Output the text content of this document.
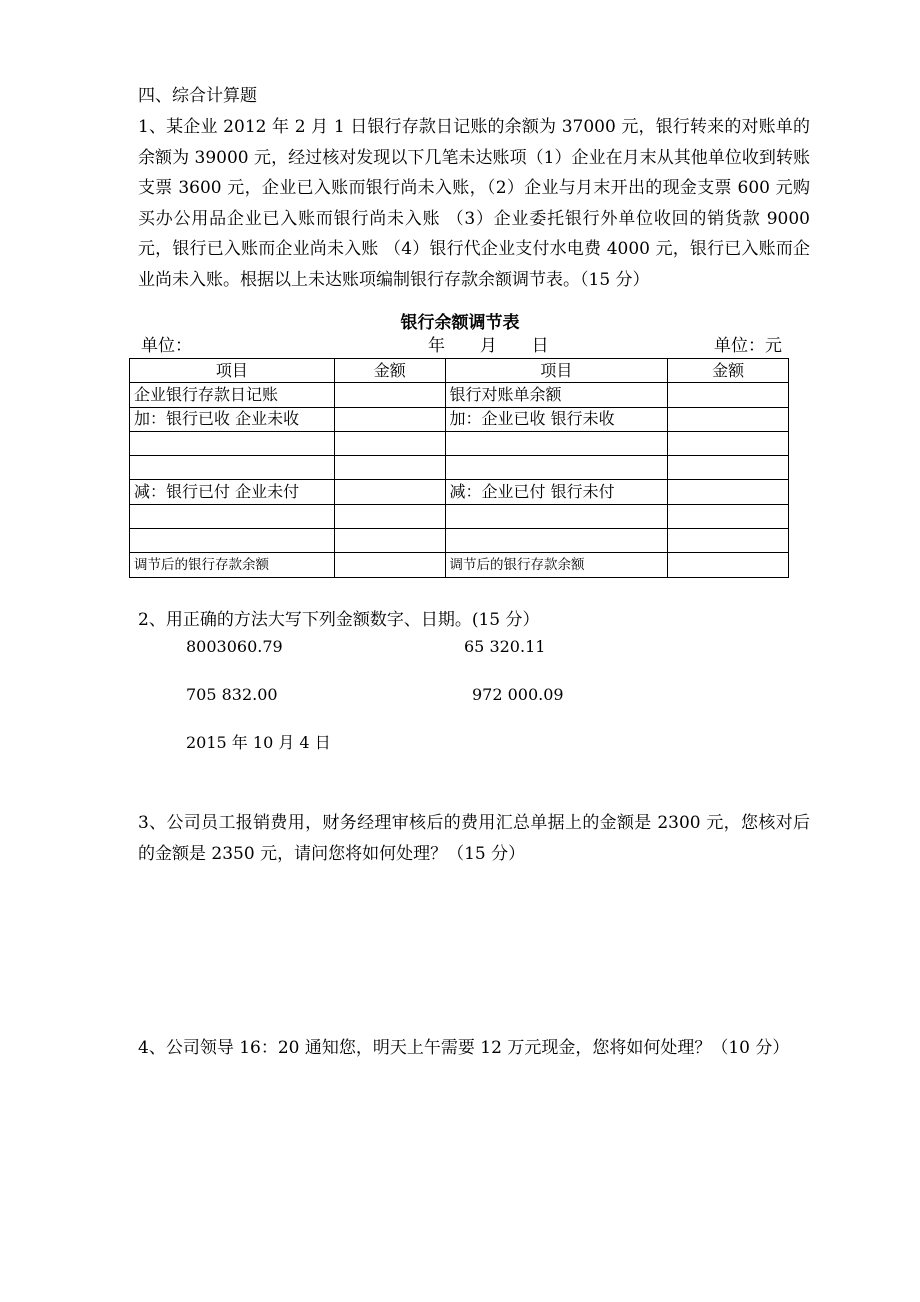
四、综合计算题
1、某企业 2012 年 2 月 1 日银行存款日记账的余额为 37000 元，银行转来的对账单的余额为 39000 元，经过核对发现以下几笔未达账项（1）企业在月末从其他单位收到转账支票 3600 元，企业已入账而银行尚未入账，（2）企业与月末开出的现金支票 600 元购买办公用品企业已入账而银行尚未入账 （3）企业委托银行外单位收回的销货款 9000 元，银行已入账而企业尚未入账 （4）银行代企业支付水电费 4000 元，银行已入账而企业尚未入账。根据以上未达账项编制银行存款余额调节表。（15 分）
银行余额调节表
单位：	年 月 日	单位：元
项目	金额	项目	金额
企业银行存款日记账		银行对账单余额	
加：银行已收 企业未收		加：企业已收 银行未收	

减：银行已付 企业未付		减：企业已付 银行未付	

调节后的银行存款余额		调节后的银行存款余额	
2、用正确的方法大写下列金额数字、日期。(15 分）
8003060.79	65 320.11
705 832.00	972 000.09
2015 年 10 月 4 日
3、公司员工报销费用，财务经理审核后的费用汇总单据上的金额是 2300 元，您核对后的金额是 2350 元，请问您将如何处理？（15 分）
4、公司领导 16：20 通知您，明天上午需要 12 万元现金，您将如何处理？（10 分）
